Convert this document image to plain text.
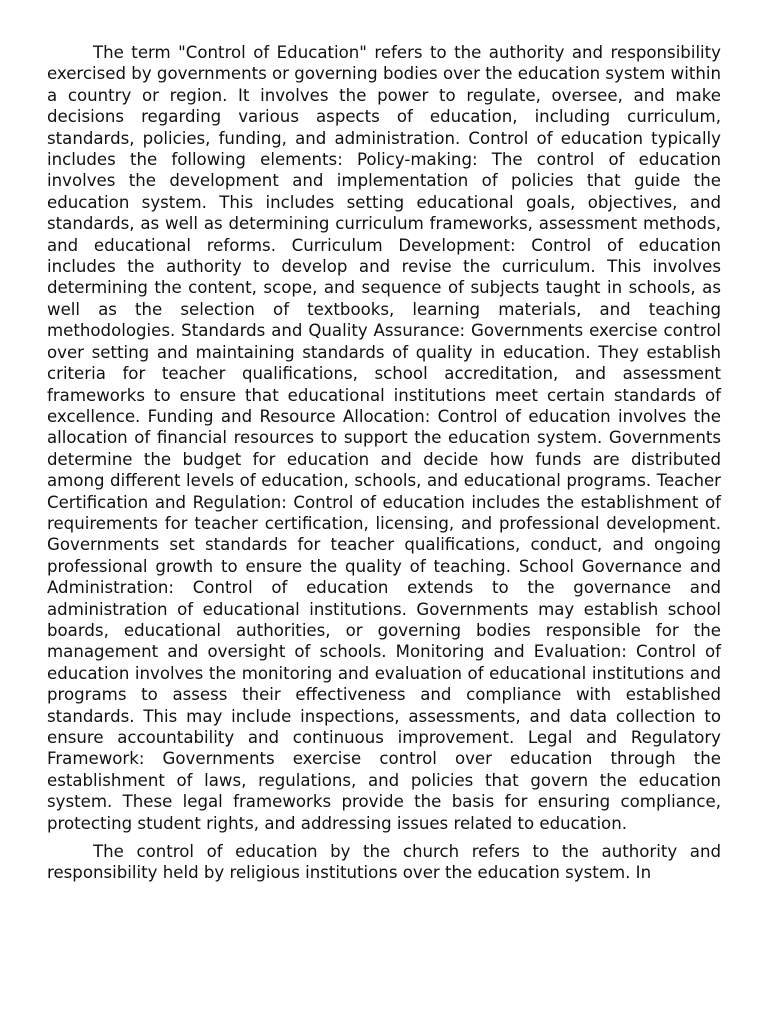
The term "Control of Education" refers to the authority and responsibility exercised by governments or governing bodies over the education system within a country or region. It involves the power to regulate, oversee, and make decisions regarding various aspects of education, including curriculum, standards, policies, funding, and administration. Control of education typically includes the following elements: Policy-making: The control of education involves the development and implementation of policies that guide the education system. This includes setting educational goals, objectives, and standards, as well as determining curriculum frameworks, assessment methods, and educational reforms. Curriculum Development: Control of education includes the authority to develop and revise the curriculum. This involves determining the content, scope, and sequence of subjects taught in schools, as well as the selection of textbooks, learning materials, and teaching methodologies. Standards and Quality Assurance: Governments exercise control over setting and maintaining standards of quality in education. They establish criteria for teacher qualifications, school accreditation, and assessment frameworks to ensure that educational institutions meet certain standards of excellence. Funding and Resource Allocation: Control of education involves the allocation of financial resources to support the education system. Governments determine the budget for education and decide how funds are distributed among different levels of education, schools, and educational programs. Teacher Certification and Regulation: Control of education includes the establishment of requirements for teacher certification, licensing, and professional development. Governments set standards for teacher qualifications, conduct, and ongoing professional growth to ensure the quality of teaching. School Governance and Administration: Control of education extends to the governance and administration of educational institutions. Governments may establish school boards, educational authorities, or governing bodies responsible for the management and oversight of schools. Monitoring and Evaluation: Control of education involves the monitoring and evaluation of educational institutions and programs to assess their effectiveness and compliance with established standards. This may include inspections, assessments, and data collection to ensure accountability and continuous improvement. Legal and Regulatory Framework: Governments exercise control over education through the establishment of laws, regulations, and policies that govern the education system. These legal frameworks provide the basis for ensuring compliance, protecting student rights, and addressing issues related to education.

The control of education by the church refers to the authority and responsibility held by religious institutions over the education system. In
